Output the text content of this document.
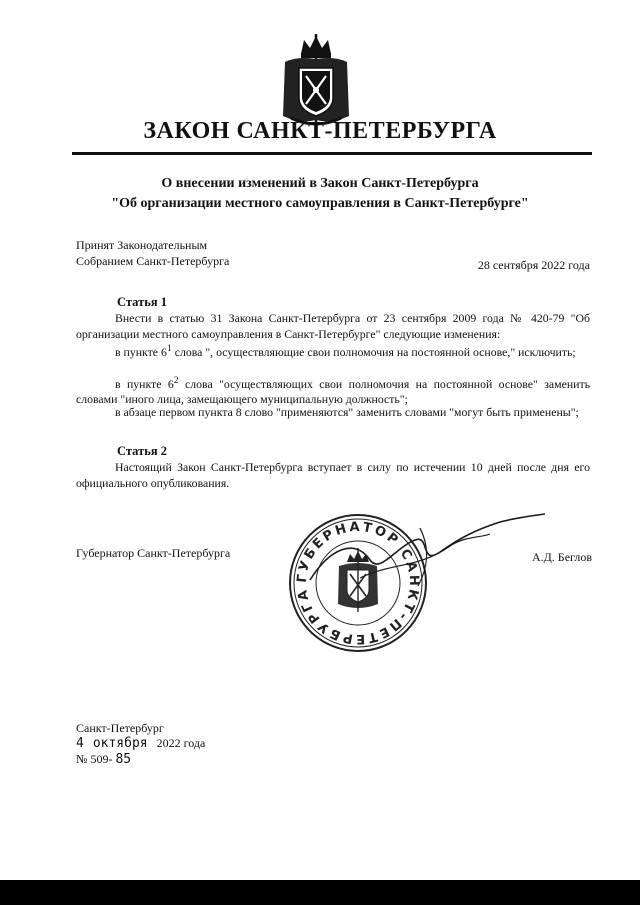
ЗАКОН САНКТ-ПЕТЕРБУРГА
О внесении изменений в Закон Санкт-Петербурга
"Об организации местного самоуправления в Санкт-Петербурге"
Принят Законодательным
Собранием Санкт-Петербурга	28 сентября 2022 года
Статья 1
Внести в статью 31 Закона Санкт-Петербурга от 23 сентября 2009 года № 420-79 "Об организации местного самоуправления в Санкт-Петербурге" следующие изменения:
в пункте $6^1$ слова ", осуществляющие свои полномочия на постоянной основе," исключить;
в пункте $6^2$ слова "осуществляющих свои полномочия на постоянной основе" заменить словами "иного лица, замещающего муниципальную должность";
в абзаце первом пункта 8 слово "применяются" заменить словами "могут быть применены";
Статья 2
Настоящий Закон Санкт-Петербурга вступает в силу по истечении 10 дней после дня его официального опубликования.
Губернатор Санкт-Петербурга
ГУБЕРНАТОР САНКТ-ПЕТЕРБУРГА
А.Д. Беглов
Санкт-Петербург
4 октября 2022 года
№ 509- 85
